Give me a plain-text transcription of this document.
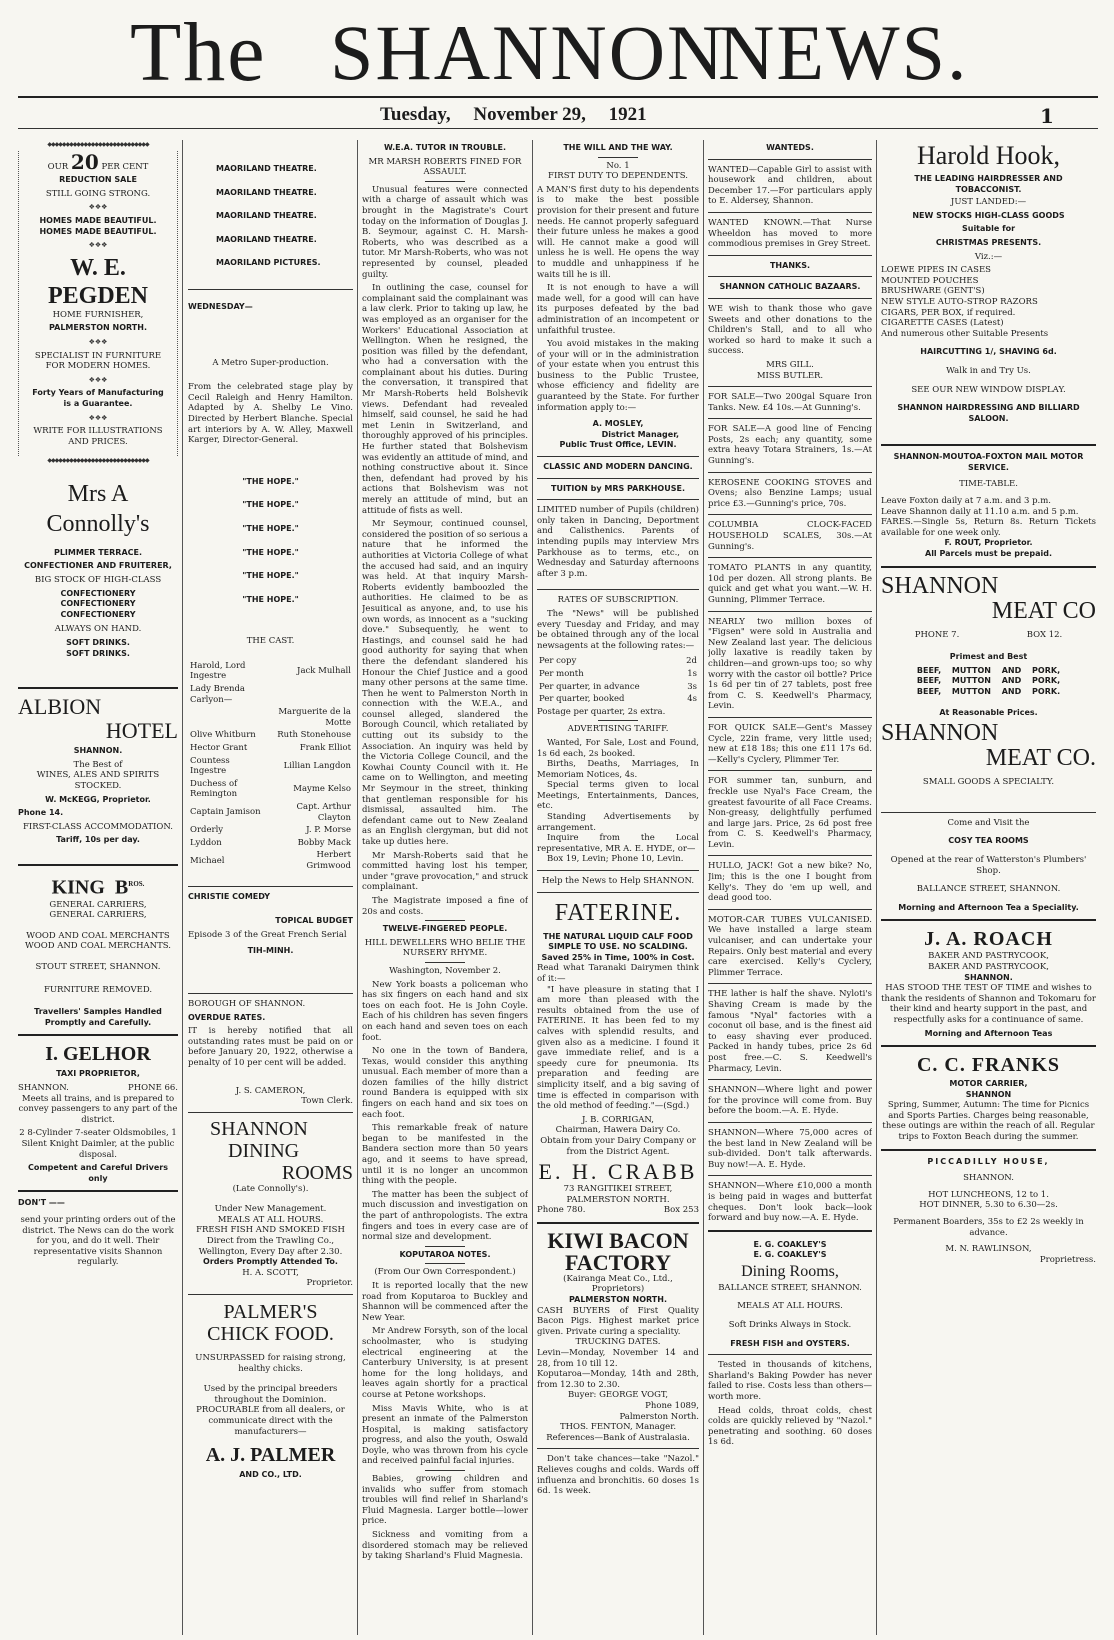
The SHANNON
NEWS.
Tuesday, November 29, 1921	1
◆◆◆◆◆◆◆◆◆◆◆◆◆◆◆◆◆◆◆◆◆◆◆◆◆◆◆◆

OUR 20 PER CENT

REDUCTION SALE

STILL GOING STRONG.

❖❖❖
HOMES MADE BEAUTIFUL.
HOMES MADE BEAUTIFUL.
❖❖❖
W. E. PEGDEN

HOME FURNISHER,

PALMERSTON NORTH.
❖❖❖

SPECIALIST IN FURNITURE

FOR MODERN HOMES.

❖❖❖
Forty Years of Manufacturing
is a Guarantee.
❖❖❖

WRITE FOR ILLUSTRATIONS

AND PRICES.

◆◆◆◆◆◆◆◆◆◆◆◆◆◆◆◆◆◆◆◆◆◆◆◆◆◆◆◆
Mrs A Connolly's
PLIMMER TERRACE.
CONFECTIONER AND FRUITERER,

BIG STOCK OF HIGH-CLASS

CONFECTIONERY
CONFECTIONERY
CONFECTIONERY

ALWAYS ON HAND.

SOFT DRINKS.
SOFT DRINKS.
ALBION
HOTEL
SHANNON.

The Best of

WINES, ALES AND SPIRITS

STOCKED.

W. McKEGG, Proprietor.
Phone 14.

FIRST-CLASS ACCOMMODATION.

Tariff, 10s per day.
KING $B^{ROS.}$

GENERAL CARRIERS,

GENERAL CARRIERS,

WOOD AND COAL MERCHANTS

WOOD AND COAL MERCHANTS.

STOUT STREET, SHANNON.

FURNITURE REMOVED.

Travellers' Samples Handled
Promptly and Carefully.
I. GELHOR
TAXI PROPRIETOR,

SHANNON.	PHONE 66.

Meets all trains, and is prepared to convey passengers to any part of the district.

2 8-Cylinder 7-seater Oldsmobiles, 1 Silent Knight Daimler, at the public disposal.

Competent and Careful Drivers only
DON'T ——

send your printing orders out of the district. The News can do the work for you, and do it well. Their representative visits Shannon regularly.

MAORILAND THEATRE.
MAORILAND THEATRE.
MAORILAND THEATRE.
MAORILAND THEATRE.
MAORILAND PICTURES.
WEDNESDAY—

A Metro Super-production.

From the celebrated stage play by Cecil Raleigh and Henry Hamilton. Adapted by A. Shelby Le Vino. Directed by Herbert Blanche. Special art interiors by A. W. Alley, Maxwell Karger, Director-General.

"THE HOPE."
"THE HOPE."
"THE HOPE."
"THE HOPE."
"THE HOPE."
"THE HOPE."

THE CAST.

Harold, Lord Ingestre	Jack Mulhall
Lady Brenda Carlyon—	
	Marguerite de la Motte
Olive Whitburn	Ruth Stonehouse
Hector Grant	Frank Elliot
Countess Ingestre	Lillian Langdon
Duchess of Remington	Mayme Kelso
Captain Jamison	Capt. Arthur Clayton
Orderly	J. P. Morse
Lyddon	Bobby Mack
Michael	Herbert Grimwood
CHRISTIE COMEDY
TOPICAL BUDGET

Episode 3 of the Great French Serial

TIH-MINH.

BOROUGH OF SHANNON.

OVERDUE RATES.

IT is hereby notified that all outstanding rates must be paid on or before January 20, 1922, otherwise a penalty of 10 per cent will be added.

J. S. CAMERON,

Town Clerk.

SHANNON
DINING
ROOMS

(Late Connolly's).

Under New Management.

MEALS AT ALL HOURS.

FRESH FISH AND SMOKED FISH

Direct from the Trawling Co., Wellington, Every Day after 2.30.

Orders Promptly Attended To.

H. A. SCOTT,

Proprietor.

PALMER'S
CHICK FOOD.

UNSURPASSED for raising strong, healthy chicks.

Used by the principal breeders throughout the Dominion. PROCURABLE from all dealers, or communicate direct with the manufacturers—

A. J. PALMER
AND CO., LTD.
W.E.A. TUTOR IN TROUBLE.

MR MARSH ROBERTS FINED FOR ASSAULT.

Unusual features were connected with a charge of assault which was brought in the Magistrate's Court today on the information of Douglas J. B. Seymour, against C. H. Marsh-Roberts, who was described as a tutor. Mr Marsh-Roberts, who was not represented by counsel, pleaded guilty.

In outlining the case, counsel for complainant said the complainant was a law clerk. Prior to taking up law, he was employed as an organiser for the Workers' Educational Association at Wellington. When he resigned, the position was filled by the defendant, who had a conversation with the complainant about his duties. During the conversation, it transpired that Mr Marsh-Roberts held Bolshevik views. Defendant had revealed himself, said counsel, he said he had met Lenin in Switzerland, and thoroughly approved of his principles. He further stated that Bolshevism was evidently an attitude of mind, and nothing constructive about it. Since then, defendant had proved by his actions that Bolshevism was not merely an attitude of mind, but an attitude of fists as well.

Mr Seymour, continued counsel, considered the position of so serious a nature that he informed the authorities at Victoria College of what the accused had said, and an inquiry was held. At that inquiry Marsh-Roberts evidently bamboozled the authorities. He claimed to be as Jesuitical as anyone, and, to use his own words, as innocent as a "sucking dove." Subsequently, he went to Hastings, and counsel said he had good authority for saying that when there the defendant slandered his Honour the Chief Justice and a good many other persons at the same time. Then he went to Palmerston North in connection with the W.E.A., and counsel alleged, slandered the Borough Council, which retaliated by cutting out its subsidy to the Association. An inquiry was held by the Victoria College Council, and the Kowhai County Council with it. He came on to Wellington, and meeting Mr Seymour in the street, thinking that gentleman responsible for his dismissal, assaulted him. The defendant came out to New Zealand as an English clergyman, but did not take up duties here.

Mr Marsh-Roberts said that he committed having lost his temper, under "grave provocation," and struck complainant.

The Magistrate imposed a fine of 20s and costs.

TWELVE-FINGERED PEOPLE.

HILL DEWELLERS WHO BELIE THE NURSERY RHYME.

Washington, November 2.

New York boasts a policeman who has six fingers on each hand and six toes on each foot. He is John Coyle. Each of his children has seven fingers on each hand and seven toes on each foot.

No one in the town of Bandera, Texas, would consider this anything unusual. Each member of more than a dozen families of the hilly district round Bandera is equipped with six fingers on each hand and six toes on each foot.

This remarkable freak of nature began to be manifested in the Bandera section more than 50 years ago, and it seems to have spread, until it is no longer an uncommon thing with the people.

The matter has been the subject of much discussion and investigation on the part of anthropologists. The extra fingers and toes in every case are of normal size and development.

KOPUTAROA NOTES.

(From Our Own Correspondent.)

It is reported locally that the new road from Koputaroa to Buckley and Shannon will be commenced after the New Year.

Mr Andrew Forsyth, son of the local schoolmaster, who is studying electrical engineering at the Canterbury University, is at present home for the long holidays, and leaves again shortly for a practical course at Petone workshops.

Miss Mavis White, who is at present an inmate of the Palmerston Hospital, is making satisfactory progress, and also the youth, Oswald Doyle, who was thrown from his cycle and received painful facial injuries.

Babies, growing children and invalids who suffer from stomach troubles will find relief in Sharland's Fluid Magnesia. Larger bottle—lower price.

Sickness and vomiting from a disordered stomach may be relieved by taking Sharland's Fluid Magnesia.

THE WILL AND THE WAY.

No. 1

FIRST DUTY TO DEPENDENTS.

A MAN'S first duty to his dependents is to make the best possible provision for their present and future needs. He cannot properly safeguard their future unless he makes a good will. He cannot make a good will unless he is well. He opens the way to muddle and unhappiness if he waits till he is ill.

It is not enough to have a will made well, for a good will can have its purposes defeated by the bad administration of an incompetent or unfaithful trustee.

You avoid mistakes in the making of your will or in the administration of your estate when you entrust this business to the Public Trustee, whose efficiency and fidelity are guaranteed by the State. For further information apply to:—

A. MOSLEY,
District Manager,
Public Trust Office, LEVIN.
CLASSIC AND MODERN DANCING.
TUITION by MRS PARKHOUSE.

LIMITED number of Pupils (children) only taken in Dancing, Deportment and Calisthenics. Parents of intending pupils may interview Mrs Parkhouse as to terms, etc., on Wednesday and Saturday afternoons after 3 p.m.

RATES OF SUBSCRIPTION.

The "News" will be published every Tuesday and Friday, and may be obtained through any of the local newsagents at the following rates:—

Per copy	2d
Per month	1s
Per quarter, in advance	3s
Per quarter, booked	4s

Postage per quarter, 2s extra.

ADVERTISING TARIFF.

Wanted, For Sale, Lost and Found, 1s 6d each, 2s booked.

Births, Deaths, Marriages, In Memoriam Notices, 4s.

Special terms given to local Meetings, Entertainments, Dances, etc.

Standing Advertisements by arrangement.

Inquire from the Local representative, MR A. E. HYDE, or—

Box 19, Levin; Phone 10, Levin.

Help the News to Help SHANNON.

FATERINE.
THE NATURAL LIQUID CALF FOOD SIMPLE TO USE. NO SCALDING.
Saved 25% in Time, 100% in Cost.

Read what Taranaki Dairymen think of it:—

"I have pleasure in stating that I am more than pleased with the results obtained from the use of FATERINE. It has been fed to my calves with splendid results, and given also as a medicine. I found it gave immediate relief, and is a speedy cure for pneumonia. Its preparation and feeding are simplicity itself, and a big saving of time is effected in comparison with the old method of feeding."—(Sgd.)

J. B. CORRIGAN,

Chairman, Hawera Dairy Co.

Obtain from your Dairy Company or from the District Agent.

E. H. CRABB

73 RANGITIKEI STREET,

PALMERSTON NORTH.

Phone 780.	Box 253

KIWI BACON
FACTORY

(Kairanga Meat Co., Ltd., Proprietors)

PALMERSTON NORTH.

CASH BUYERS of First Quality Bacon Pigs. Highest market price given. Private curing a speciality.

TRUCKING DATES.

Levin—Monday, November 14 and 28, from 10 till 12.

Koputaroa—Monday, 14th and 28th, from 12.30 to 2.30.

Buyer: GEORGE VOGT,

Phone 1089,

Palmerston North.

THOS. FENTON, Manager.

References—Bank of Australasia.

Don't take chances—take "Nazol." Relieves coughs and colds. Wards off influenza and bronchitis. 60 doses 1s 6d. 1s week.

WANTEDS.

WANTED—Capable Girl to assist with housework and children, about December 17.—For particulars apply to E. Aldersey, Shannon.

WANTED KNOWN.—That Nurse Wheeldon has moved to more commodious premises in Grey Street.

THANKS.
SHANNON CATHOLIC BAZAARS.

WE wish to thank those who gave Sweets and other donations to the Children's Stall, and to all who worked so hard to make it such a success.

MRS GILL.

MISS BUTLER.

FOR SALE—Two 200gal Square Iron Tanks. New. £4 10s.—At Gunning's.

FOR SALE—A good line of Fencing Posts, 2s each; any quantity, some extra heavy Totara Strainers, 1s.—At Gunning's.

KEROSENE COOKING STOVES and Ovens; also Benzine Lamps; usual price £3.—Gunning's price, 70s.

COLUMBIA CLOCK-FACED HOUSEHOLD SCALES, 30s.—At Gunning's.

TOMATO PLANTS in any quantity, 10d per dozen. All strong plants. Be quick and get what you want.—W. H. Gunning, Plimmer Terrace.

NEARLY two million boxes of "Figsen" were sold in Australia and New Zealand last year. The delicious jolly laxative is readily taken by children—and grown-ups too; so why worry with the castor oil bottle? Price 1s 6d per tin of 27 tablets, post free from C. S. Keedwell's Pharmacy, Levin.

FOR QUICK SALE—Gent's Massey Cycle, 22in frame, very little used; new at £18 18s; this one £11 17s 6d.—Kelly's Cyclery, Plimmer Ter.

FOR summer tan, sunburn, and freckle use Nyal's Face Cream, the greatest favourite of all Face Creams. Non-greasy, delightfully perfumed and large jars. Price, 2s 6d post free from C. S. Keedwell's Pharmacy, Levin.

HULLO, JACK! Got a new bike? No, Jim; this is the one I bought from Kelly's. They do 'em up well, and dead good too.

MOTOR-CAR TUBES VULCANISED. We have installed a large steam vulcaniser, and can undertake your Repairs. Only best material and every care exercised. Kelly's Cyclery, Plimmer Terrace.

THE lather is half the shave. Nyloti's Shaving Cream is made by the famous "Nyal" factories with a coconut oil base, and is the finest aid to easy shaving ever produced. Packed in handy tubes, price 2s 6d post free.—C. S. Keedwell's Pharmacy, Levin.

SHANNON—Where light and power for the province will come from. Buy before the boom.—A. E. Hyde.

SHANNON—Where 75,000 acres of the best land in New Zealand will be sub-divided. Don't talk afterwards. Buy now!—A. E. Hyde.

SHANNON—Where £10,000 a month is being paid in wages and butterfat cheques. Don't look back—look forward and buy now.—A. E. Hyde.

E. G. COAKLEY'S
E. G. COAKLEY'S
Dining Rooms,

BALLANCE STREET, SHANNON.

MEALS AT ALL HOURS.

Soft Drinks Always in Stock.

FRESH FISH and OYSTERS.

Tested in thousands of kitchens, Sharland's Baking Powder has never failed to rise. Costs less than others—worth more.

Head colds, throat colds, chest colds are quickly relieved by "Nazol." penetrating and soothing. 60 doses 1s 6d.

Harold Hook,
THE LEADING HAIRDRESSER AND TOBACCONIST.

JUST LANDED:—

NEW STOCKS HIGH-CLASS GOODS
Suitable for
CHRISTMAS PRESENTS.

Viz.:—

LOEWE PIPES IN CASES

MOUNTED POUCHES

BRUSHWARE (GENT'S)

NEW STYLE AUTO-STROP RAZORS

CIGARS, PER BOX, if required.

CIGARETTE CASES (Latest)

And numerous other Suitable Presents

HAIRCUTTING 1/, SHAVING 6d.

Walk in and Try Us.

SEE OUR NEW WINDOW DISPLAY.

SHANNON HAIRDRESSING AND BILLIARD SALOON.
SHANNON-MOUTOA-FOXTON MAIL MOTOR SERVICE.

TIME-TABLE.

Leave Foxton daily at 7 a.m. and 3 p.m.

Leave Shannon daily at 11.10 a.m. and 5 p.m.

FARES.—Single 5s, Return 8s. Return Tickets available for one week only.

F. ROUT, Proprietor.
All Parcels must be prepaid.
SHANNON
MEAT CO

PHONE 7.	BOX 12.

Primest and Best
BEEF, MUTTON AND PORK,
BEEF, MUTTON AND PORK,
BEEF, MUTTON AND PORK.
At Reasonable Prices.
SHANNON
MEAT CO.

SMALL GOODS A SPECIALTY.

Come and Visit the

COSY TEA ROOMS

Opened at the rear of Watterston's Plumbers' Shop.

BALLANCE STREET, SHANNON.

Morning and Afternoon Tea a Speciality.
J. A. ROACH

BAKER AND PASTRYCOOK,

BAKER AND PASTRYCOOK,

SHANNON.

HAS STOOD THE TEST OF TIME and wishes to thank the residents of Shannon and Tokomaru for their kind and hearty support in the past, and respectfully asks for a continuance of same.

Morning and Afternoon Teas
C. C. FRANKS
MOTOR CARRIER,
SHANNON

Spring, Summer, Autumn: The time for Picnics and Sports Parties. Charges being reasonable, these outings are within the reach of all. Regular trips to Foxton Beach during the summer.

PICCADILLY HOUSE,

SHANNON.

HOT LUNCHEONS, 12 to 1.

HOT DINNER, 5.30 to 6.30—2s.

Permanent Boarders, 35s to £2 2s weekly in advance.

M. N. RAWLINSON,

Proprietress.
